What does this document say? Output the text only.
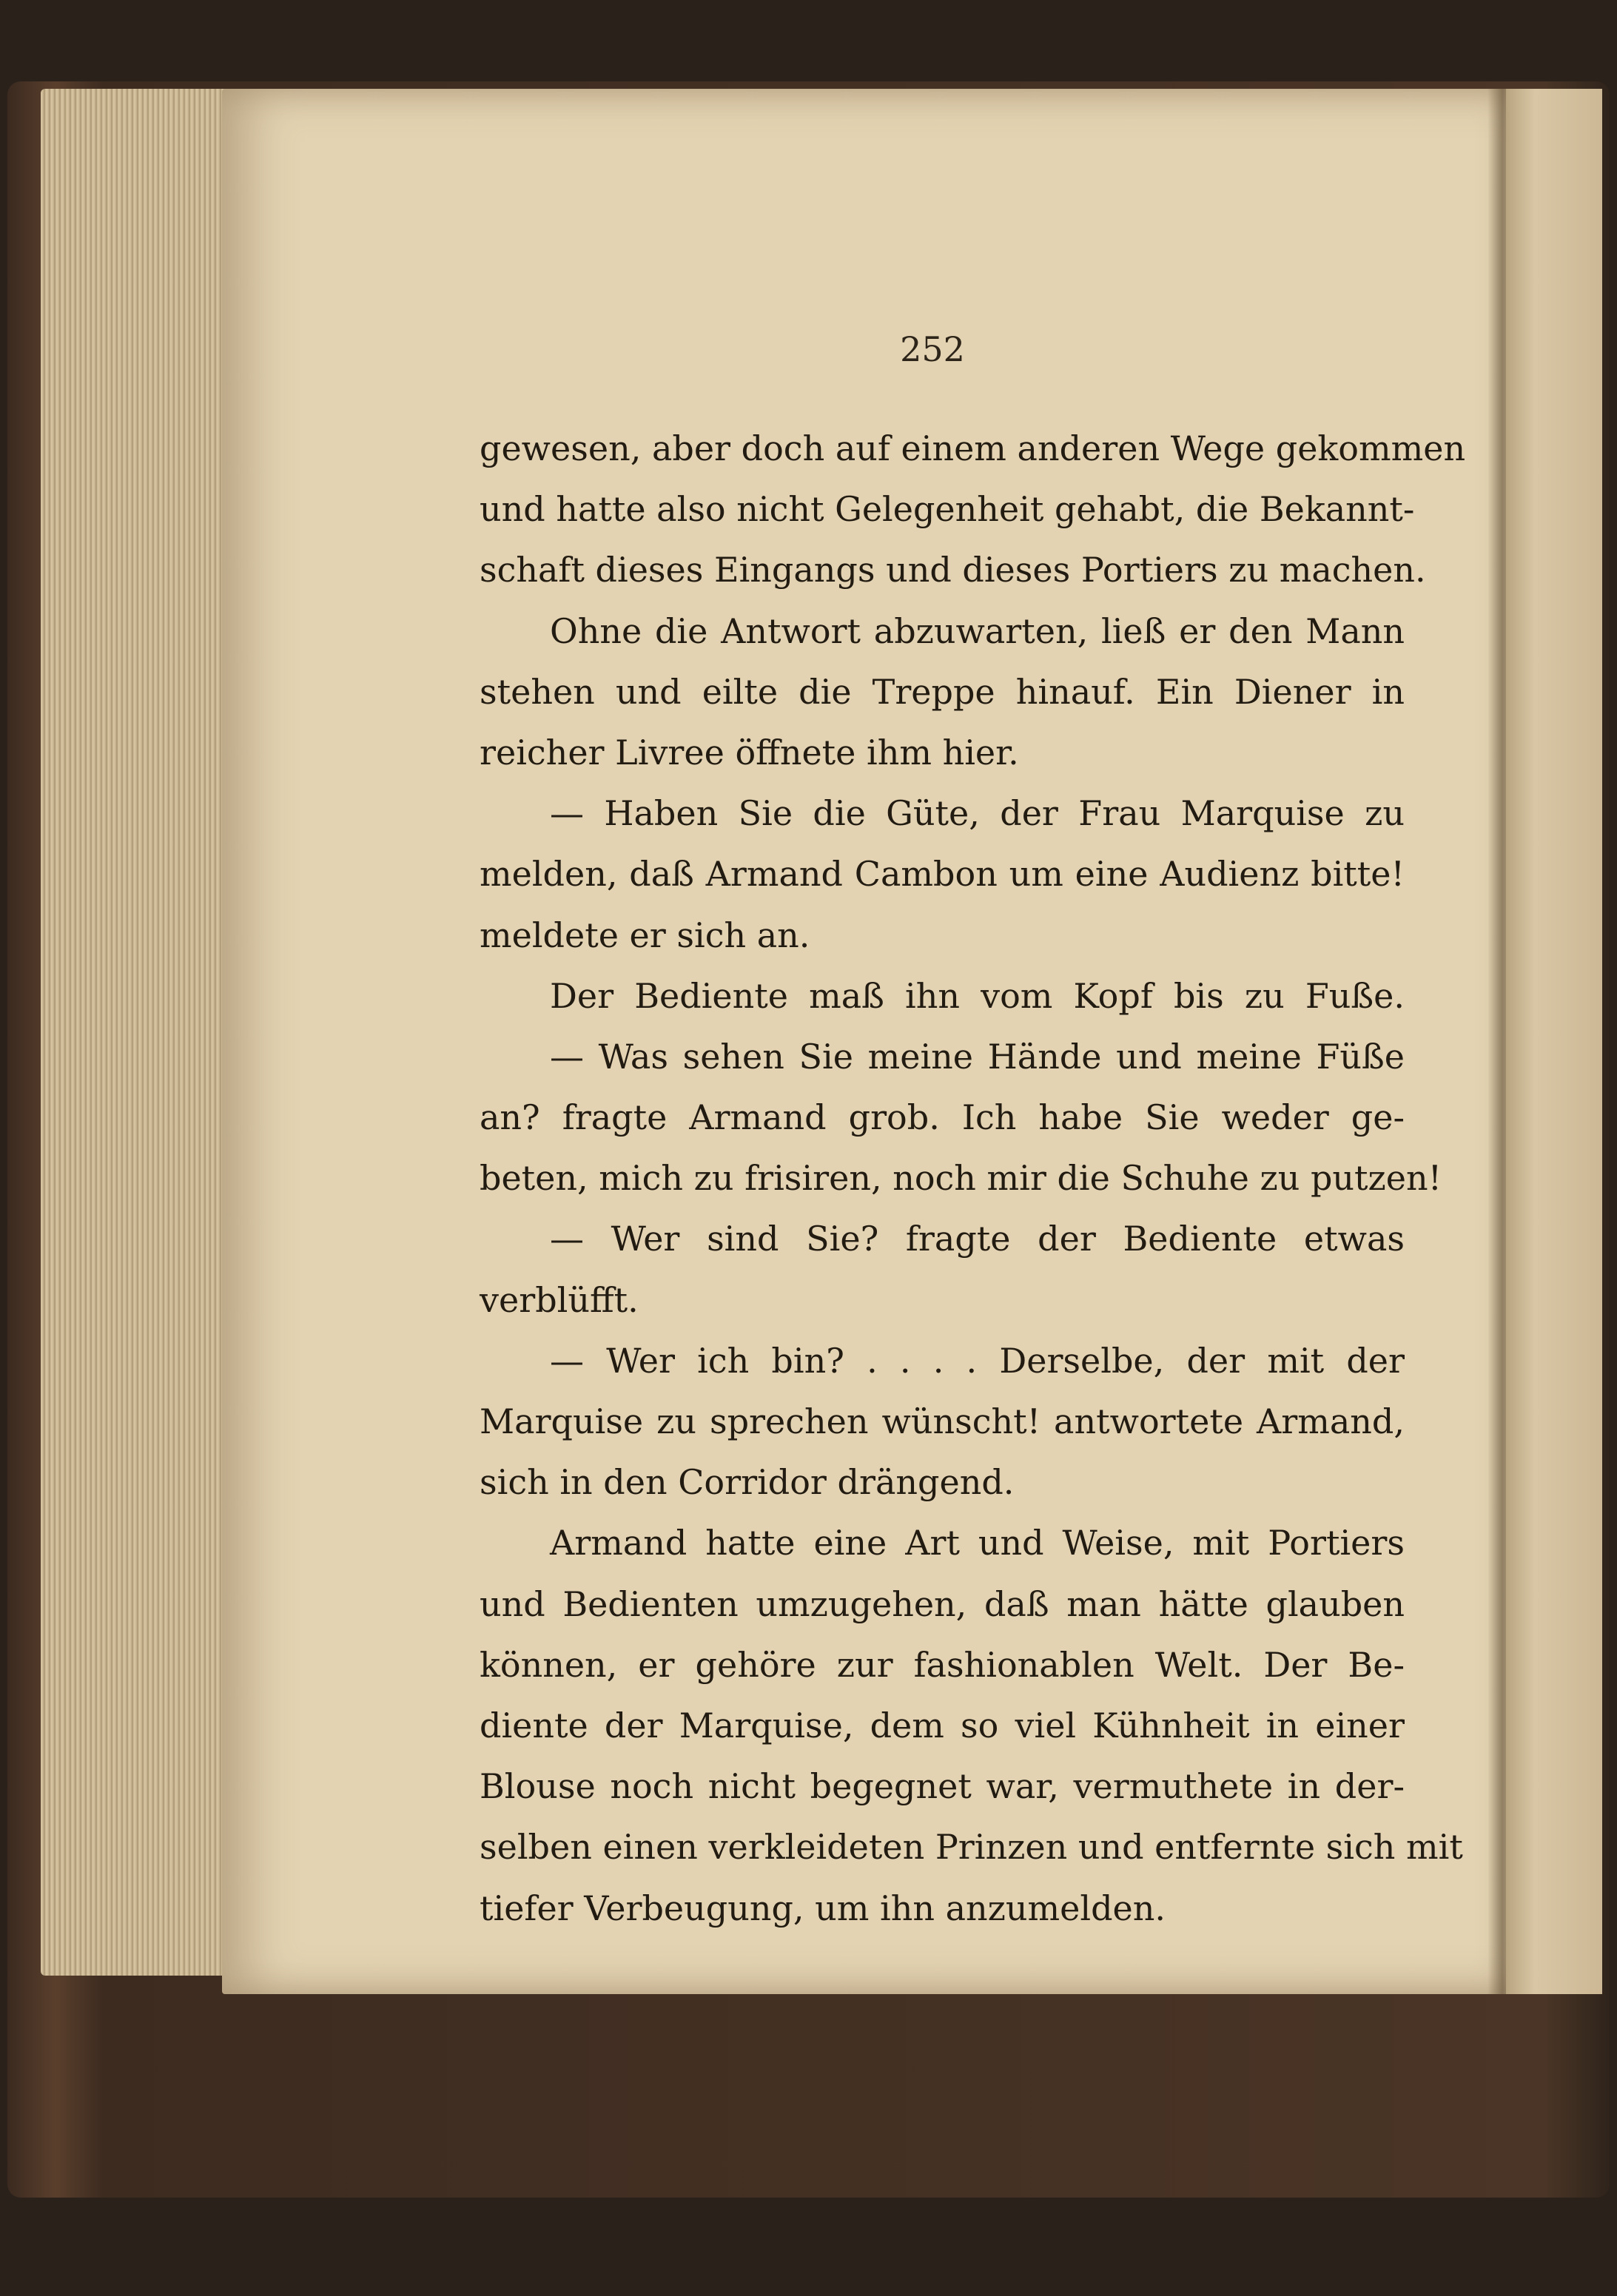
252

gewesen, aber doch auf einem anderen Wege gekommen

und hatte also nicht Gelegenheit gehabt, die Bekannt-

schaft dieses Eingangs und dieses Portiers zu machen.

Ohne die Antwort abzuwarten, ließ er den Mann

stehen und eilte die Treppe hinauf. Ein Diener in

reicher Livree öffnete ihm hier.

— Haben Sie die Güte, der Frau Marquise zu

melden, daß Armand Cambon um eine Audienz bitte!

meldete er sich an.

Der Bediente maß ihn vom Kopf bis zu Fuße.

— Was sehen Sie meine Hände und meine Füße

an? fragte Armand grob. Ich habe Sie weder ge-

beten, mich zu frisiren, noch mir die Schuhe zu putzen!

— Wer sind Sie? fragte der Bediente etwas

verblüfft.

— Wer ich bin? . . . . Derselbe, der mit der

Marquise zu sprechen wünscht! antwortete Armand,

sich in den Corridor drängend.

Armand hatte eine Art und Weise, mit Portiers

und Bedienten umzugehen, daß man hätte glauben

können, er gehöre zur fashionablen Welt. Der Be-

diente der Marquise, dem so viel Kühnheit in einer

Blouse noch nicht begegnet war, vermuthete in der-

selben einen verkleideten Prinzen und entfernte sich mit

tiefer Verbeugung, um ihn anzumelden.
